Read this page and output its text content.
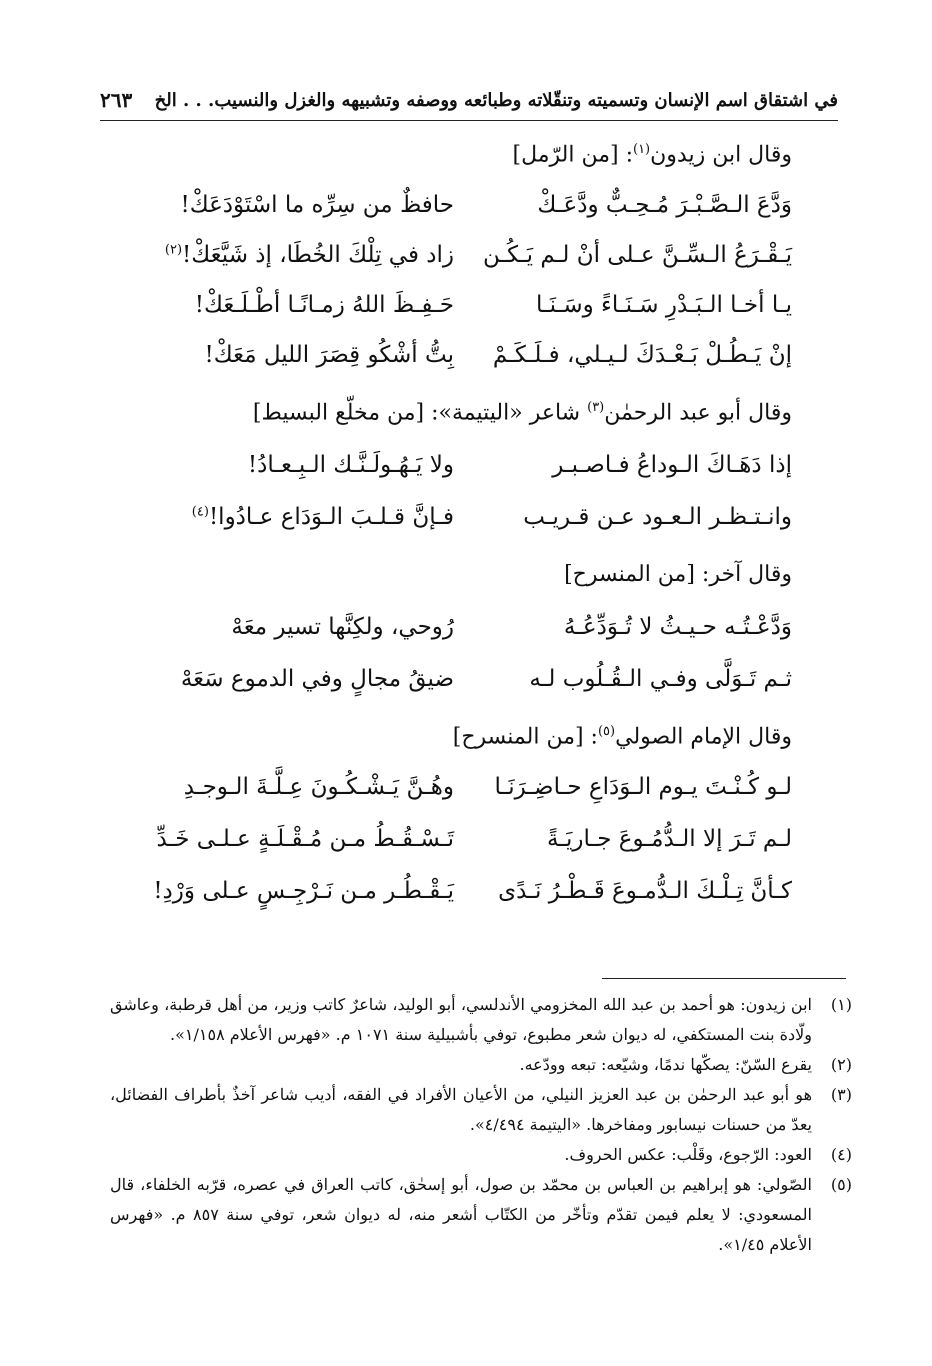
في اشتقاق اسم الإنسان وتسميته وتنقّلاته وطبائعه ووصفه وتشبيهه والغزل والنسيب. . . الخ
٢٦٣
وقال ابن زيدون$^{(١)}$: [من الرّمل]
وَدَّعَ الـصَّـبْـرَ مُـحِـبٌّ ودَّعَـكْ
حافظٌ من سِرِّه ما اسْتَوْدَعَكْ!
يَـقْـرَعُ الـسِّـنَّ عـلى أنْ لـم يَـكُـن
زاد في تِلْكَ الخُطَا، إذ شَيَّعَكْ!$^{(٢)}$
يـا أخـا الـبَـدْرِ سَـنَـاءً وسَـنَـا
حَـفِـظَ اللهُ زمـانًـا أطْـلَـعَكْ!
إنْ يَـطُـلْ بَـعْـدَكَ لـيـلي، فـلَـكَـمْ
بِتُّ أشْكُو قِصَرَ الليل مَعَكْ!
وقال أبو عبد الرحمٰن$^{(٣)}$ شاعر «اليتيمة»: [من مخلّع البسيط]
إذا دَهَـاكَ الـوداعُ فـاصـبـر
ولا يَـهُـولَـنَّـك الـبِـعـادُ!
وانـتـظـر الـعـود عـن قـريـب
فـإنَّ قـلـبَ الـوَدَاع عـادُوا!$^{(٤)}$
وقال آخر: [من المنسرح]
وَدَّعْـتُـه حـيـثُ لا تُـوَدِّعُـهُ
رُوحي، ولكِنَّها تسير معَهْ
ثـم تَـوَلَّى وفـي الـقُـلُوب لـه
ضيقُ مجالٍ وفي الدموع سَعَهْ
وقال الإمام الصولي$^{(٥)}$: [من المنسرح]
لـو كُـنْـتَ يـوم الـوَدَاعِ حـاضِـرَنَـا
وهُـنَّ يَـشْـكُـونَ عِـلَّـةَ الـوجـدِ
لـم تَـرَ إلا الـدُّمُـوعَ جـاريَـةً
تَـسْـقُـطُ مـن مُـقْـلَـةٍ عـلـى خَـدِّ
كـأنَّ تِـلْـكَ الـدُّمـوعَ قَـطْـرُ نَـدًى
يَـقْـطُـر مـن نَـرْجِـسٍ عـلى وَرْدِ!
(١)
ابن زيدون: هو أحمد بن عبد الله المخزومي الأندلسي، أبو الوليد، شاعرٌ كاتب وزير، من أهل قرطبة، وعاشق ولّادة بنت المستكفي، له ديوان شعر مطبوع، توفي بأشبيلية سنة ١٠٧١ م. «فهرس الأعلام ١/١٥٨».
(٢)
يقرع السّنّ: يصكّها ندمًا، وشيّعه: تبعه وودّعه.
(٣)
هو أبو عبد الرحمٰن بن عبد العزيز النيلي، من الأعيان الأفراد في الفقه، أديب شاعر آخذٌ بأطراف الفضائل، يعدّ من حسنات نيسابور ومفاخرها. «اليتيمة ٤/٤٩٤».
(٤)
العود: الرّجوع، وقَلْب: عكس الحروف.
(٥)
الصّولي: هو إبراهيم بن العباس بن محمّد بن صول، أبو إسحٰق، كاتب العراق في عصره، قرّبه الخلفاء، قال المسعودي: لا يعلم فيمن تقدّم وتأخّر من الكتّاب أشعر منه، له ديوان شعر، توفي سنة ٨٥٧ م. «فهرس الأعلام ١/٤٥».
